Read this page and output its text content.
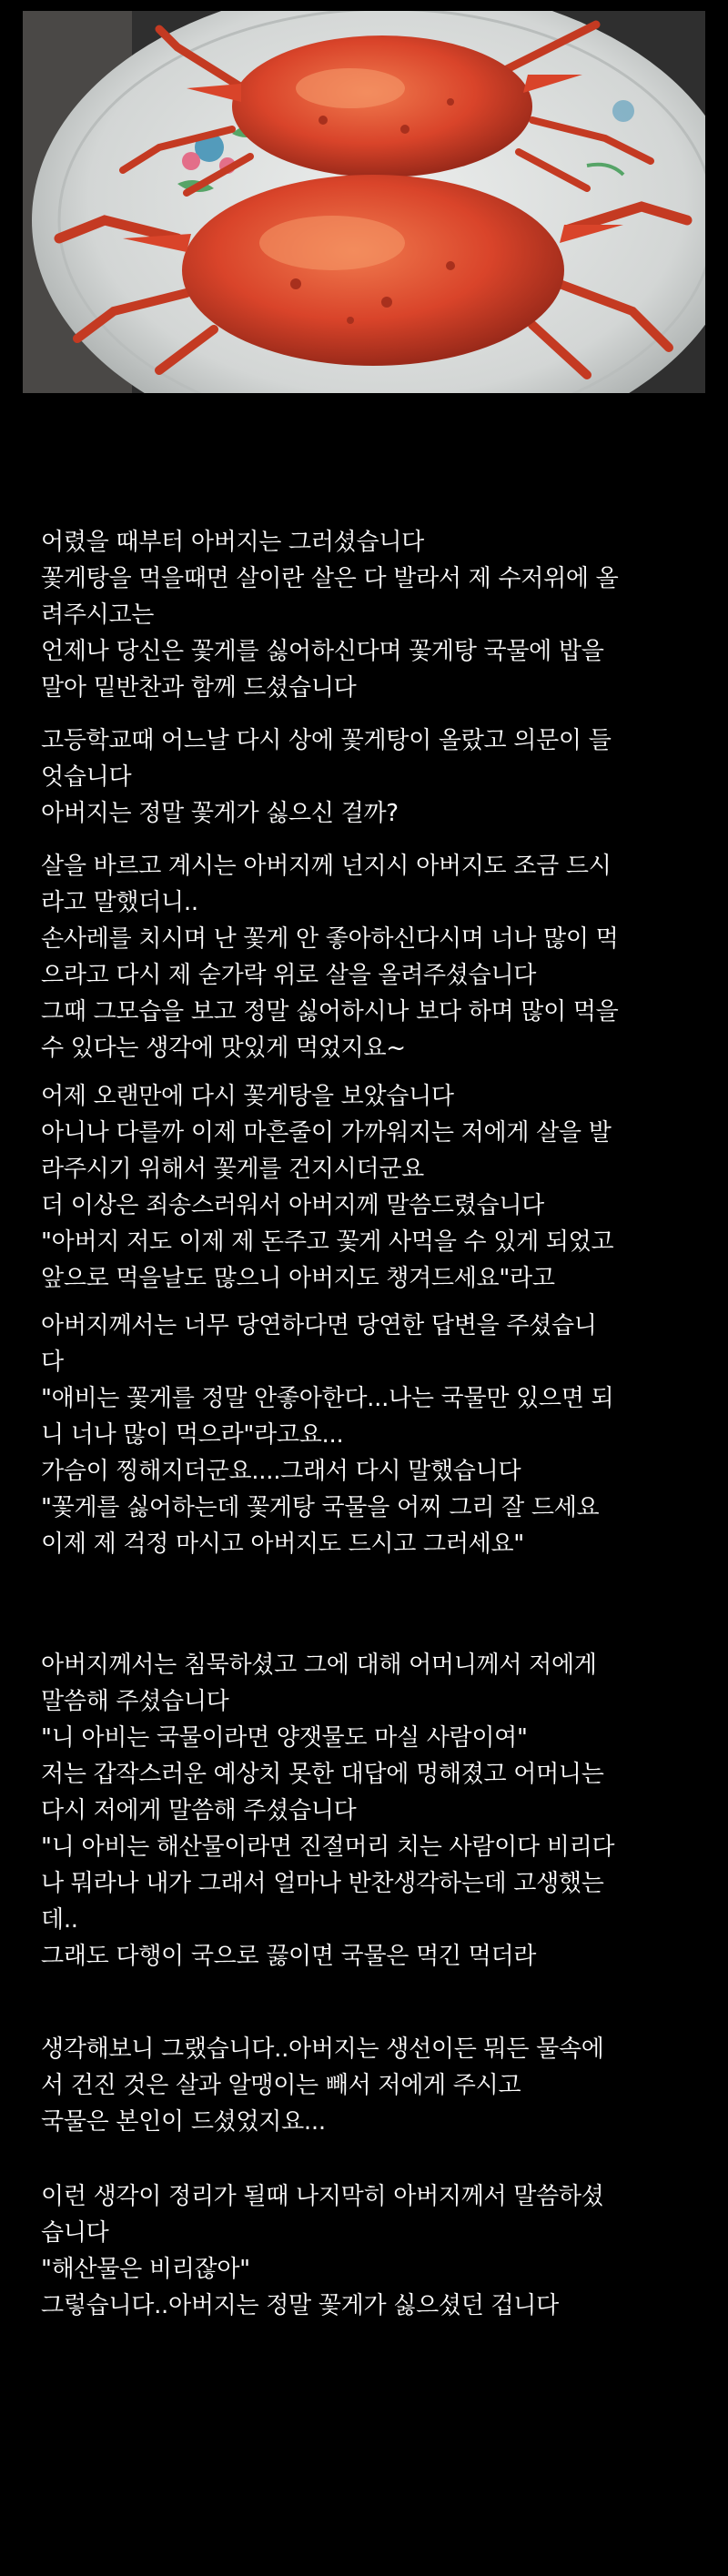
어렸을 때부터 아버지는 그러셨습니다
꽃게탕을 먹을때면 살이란 살은 다 발라서 제 수저위에 올
려주시고는
언제나 당신은 꽃게를 싫어하신다며 꽃게탕 국물에 밥을
말아 밑반찬과 함께 드셨습니다
고등학교때 어느날 다시 상에 꽃게탕이 올랐고 의문이 들
엇습니다
아버지는 정말 꽃게가 싫으신 걸까?
살을 바르고 계시는 아버지께 넌지시 아버지도 조금 드시
라고 말했더니..
손사레를 치시며 난 꽃게 안 좋아하신다시며 너나 많이 먹
으라고 다시 제 숟가락 위로 살을 올려주셨습니다
그때 그모습을 보고 정말 싫어하시나 보다 하며 많이 먹을
수 있다는 생각에 맛있게 먹었지요~
어제 오랜만에 다시 꽃게탕을 보았습니다
아니나 다를까 이제 마흔줄이 가까워지는 저에게 살을 발
라주시기 위해서 꽃게를 건지시더군요
더 이상은 죄송스러워서 아버지께 말씀드렸습니다
"아버지 저도 이제 제 돈주고 꽃게 사먹을 수 있게 되었고
앞으로 먹을날도 많으니 아버지도 챙겨드세요"라고
아버지께서는 너무 당연하다면 당연한 답변을 주셨습니
다
"애비는 꽃게를 정말 안좋아한다...나는 국물만 있으면 되
니 너나 많이 먹으라"라고요...
가슴이 찡해지더군요....그래서 다시 말했습니다
"꽃게를 싫어하는데 꽃게탕 국물을 어찌 그리 잘 드세요
이제 제 걱정 마시고 아버지도 드시고 그러세요"
아버지께서는 침묵하셨고 그에 대해 어머니께서 저에게
말씀해 주셨습니다
"니 아비는 국물이라면 양잿물도 마실 사람이여"
저는 갑작스러운 예상치 못한 대답에 멍해졌고 어머니는
다시 저에게 말씀해 주셨습니다
"니 아비는 해산물이라면 진절머리 치는 사람이다 비리다
나 뭐라나 내가 그래서 얼마나 반찬생각하는데 고생했는
데..
그래도 다행이 국으로 끓이면 국물은 먹긴 먹더라
생각해보니 그랬습니다..아버지는 생선이든 뭐든 물속에
서 건진 것은 살과 알맹이는 빼서 저에게 주시고
국물은 본인이 드셨었지요...
이런 생각이 정리가 될때 나지막히 아버지께서 말씀하셨
습니다
"해산물은 비리잖아"
그렇습니다..아버지는 정말 꽃게가 싫으셨던 겁니다
